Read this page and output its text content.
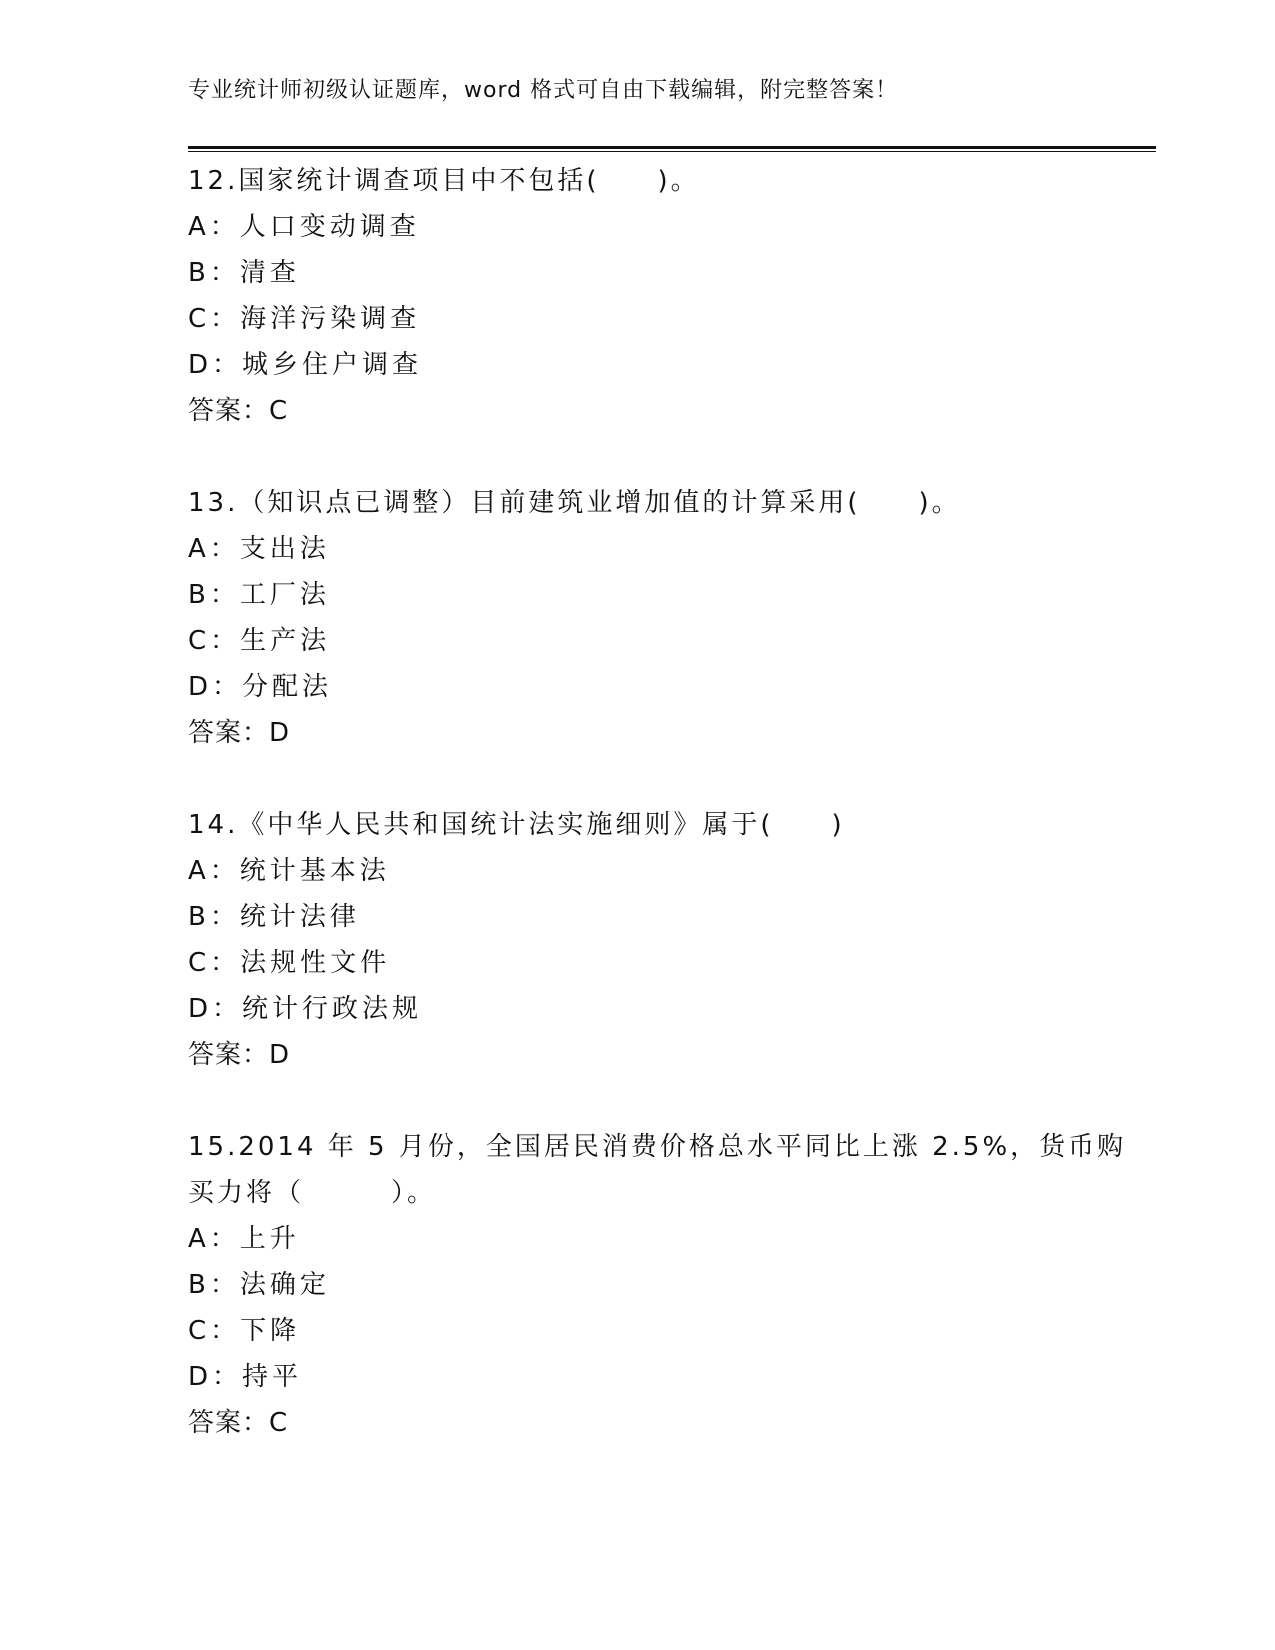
专业统计师初级认证题库，word 格式可自由下载编辑，附完整答案！
12.国家统计调查项目中不包括(　　)。
A：人口变动调查
B：清查
C：海洋污染调查
D：城乡住户调查
答案：C
13.（知识点已调整）目前建筑业增加值的计算采用(　　)。
A：支出法
B：工厂法
C：生产法
D：分配法
答案：D
14.《中华人民共和国统计法实施细则》属于(　　)
A：统计基本法
B：统计法律
C：法规性文件
D：统计行政法规
答案：D
15.2014 年 5 月份，全国居民消费价格总水平同比上涨 2.5%，货币购
买力将（　　　）。
A：上升
B：法确定
C：下降
D：持平
答案：C
